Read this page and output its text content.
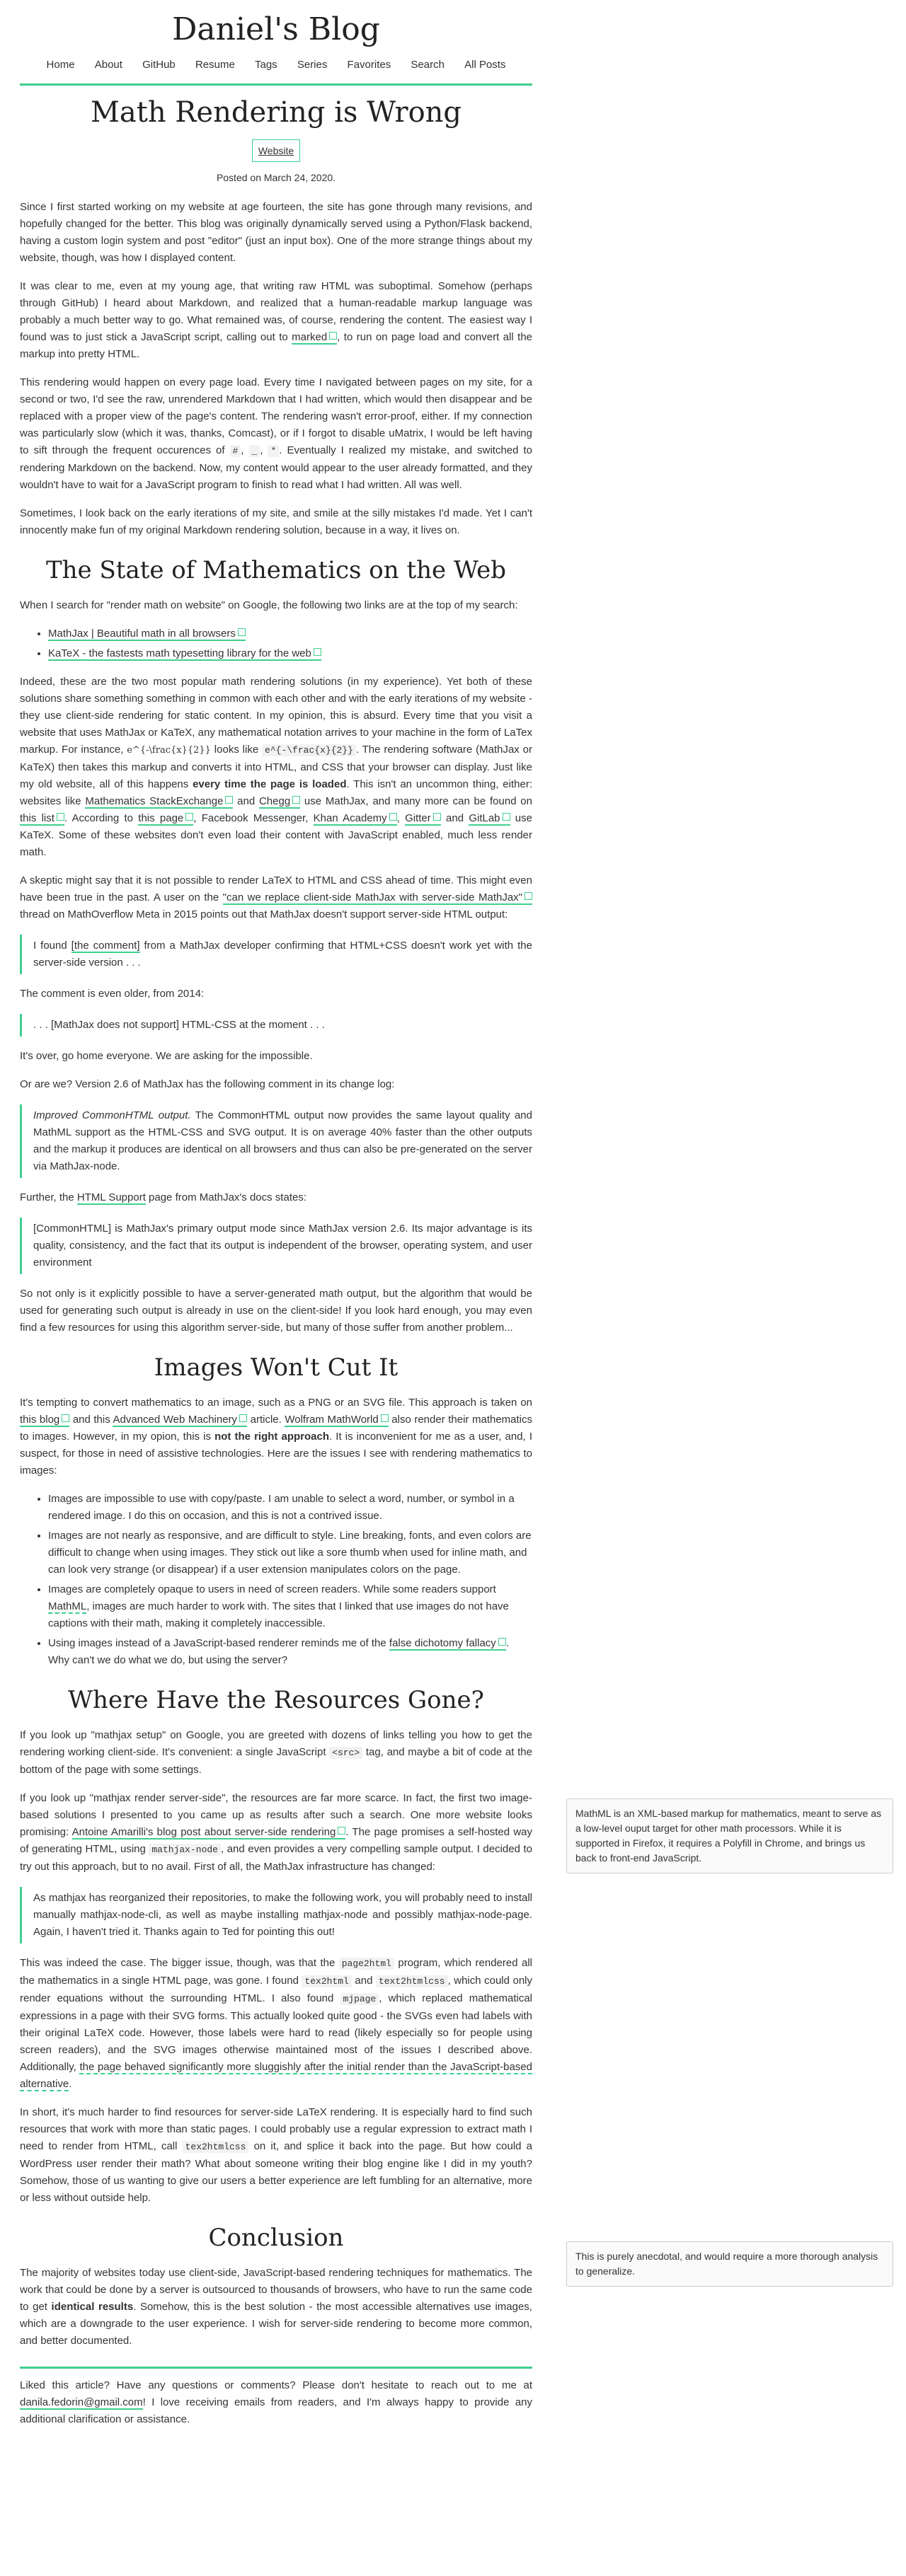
Daniel's Blog
Home About GitHub Resume Tags Series Favorites Search All Posts
Math Rendering is Wrong
Website
Posted on March 24, 2020.

Since I first started working on my website at age fourteen, the site has gone through many revisions, and hopefully changed for the better. This blog was originally dynamically served using a Python/Flask backend, having a custom login system and post "editor" (just an input box). One of the more strange things about my website, though, was how I displayed content.

It was clear to me, even at my young age, that writing raw HTML was suboptimal. Somehow (perhaps through GitHub) I heard about Markdown, and realized that a human-readable markup language was probably a much better way to go. What remained was, of course, rendering the content. The easiest way I found was to just stick a JavaScript script, calling out to marked , to run on page load and convert all the markup into pretty HTML.

This rendering would happen on every page load. Every time I navigated between pages on my site, for a second or two, I'd see the raw, unrendered Markdown that I had written, which would then disappear and be replaced with a proper view of the page's content. The rendering wasn't error-proof, either. If my connection was particularly slow (which it was, thanks, Comcast), or if I forgot to disable uMatrix, I would be left having to sift through the frequent occurences of # , _ , * . Eventually I realized my mistake, and switched to rendering Markdown on the backend. Now, my content would appear to the user already formatted, and they wouldn't have to wait for a JavaScript program to finish to read what I had written. All was well.

Sometimes, I look back on the early iterations of my site, and smile at the silly mistakes I'd made. Yet I can't innocently make fun of my original Markdown rendering solution, because in a way, it lives on.

The State of Mathematics on the Web

When I search for "render math on website" on Google, the following two links are at the top of my search:

• MathJax | Beautiful math in all browsers
• KaTeX - the fastests math typesetting library for the web

Indeed, these are the two most popular math rendering solutions (in my experience). Yet both of these solutions share something something in common with each other and with the early iterations of my website - they use client-side rendering for static content. In my opinion, this is absurd. Every time that you visit a website that uses MathJax or KaTeX, any mathematical notation arrives to your machine in the form of LaTex markup. For instance, e^{-\frac{x}{2}} looks like e^{-\frac{x}{2}} . The rendering software (MathJax or KaTeX) then takes this markup and converts it into HTML, and CSS that your browser can display. Just like my old website, all of this happens every time the page is loaded. This isn't an uncommon thing, either: websites like Mathematics StackExchange and Chegg use MathJax, and many more can be found on this list . According to this page , Facebook Messenger, Khan Academy , Gitter and GitLab use KaTeX. Some of these websites don't even load their content with JavaScript enabled, much less render math.

A skeptic might say that it is not possible to render LaTeX to HTML and CSS ahead of time. This might even have been true in the past. A user on the "can we replace client-side MathJax with server-side MathJax" thread on MathOverflow Meta in 2015 points out that MathJax doesn't support server-side HTML output:

I found [the comment] from a MathJax developer confirming that HTML+CSS doesn't work yet with the server-side version . . .

The comment is even older, from 2014:

. . . [MathJax does not support] HTML-CSS at the moment . . .

It's over, go home everyone. We are asking for the impossible.

Or are we? Version 2.6 of MathJax has the following comment in its change log:

Improved CommonHTML output. The CommonHTML output now provides the same layout quality and MathML support as the HTML-CSS and SVG output. It is on average 40% faster than the other outputs and the markup it produces are identical on all browsers and thus can also be pre-generated on the server via MathJax-node.

Further, the HTML Support page from MathJax's docs states:

[CommonHTML] is MathJax's primary output mode since MathJax version 2.6. Its major advantage is its quality, consistency, and the fact that its output is independent of the browser, operating system, and user environment

So not only is it explicitly possible to have a server-generated math output, but the algorithm that would be used for generating such output is already in use on the client-side! If you look hard enough, you may even find a few resources for using this algorithm server-side, but many of those suffer from another problem...

Images Won't Cut It

It's tempting to convert mathematics to an image, such as a PNG or an SVG file. This approach is taken on this blog and this Advanced Web Machinery article. Wolfram MathWorld also render their mathematics to images. However, in my opion, this is not the right approach. It is inconvenient for me as a user, and, I suspect, for those in need of assistive technologies. Here are the issues I see with rendering mathematics to images:

• Images are impossible to use with copy/paste. I am unable to select a word, number, or symbol in a rendered image. I do this on occasion, and this is not a contrived issue.
• Images are not nearly as responsive, and are difficult to style. Line breaking, fonts, and even colors are difficult to change when using images. They stick out like a sore thumb when used for inline math, and can look very strange (or disappear) if a user extension manipulates colors on the page.
• Images are completely opaque to users in need of screen readers. While some readers support MathML, images are much harder to work with. The sites that I linked that use images do not have captions with their math, making it completely inaccessible.
• Using images instead of a JavaScript-based renderer reminds me of the false dichotomy fallacy . Why can't we do what we do, but using the server?
Where Have the Resources Gone?

If you look up "mathjax setup" on Google, you are greeted with dozens of links telling you how to get the rendering working client-side. It's convenient: a single JavaScript <src> tag, and maybe a bit of code at the bottom of the page with some settings.

If you look up "mathjax render server-side", the resources are far more scarce. In fact, the first two image-based solutions I presented to you came up as results after such a search. One more website looks promising: Antoine Amarilli's blog post about server-side rendering . The page promises a self-hosted way of generating HTML, using mathjax-node , and even provides a very compelling sample output. I decided to try out this approach, but to no avail. First of all, the MathJax infrastructure has changed:

As mathjax has reorganized their repositories, to make the following work, you will probably need to install manually mathjax-node-cli, as well as maybe installing mathjax-node and possibly mathjax-node-page. Again, I haven't tried it. Thanks again to Ted for pointing this out!

This was indeed the case. The bigger issue, though, was that the page2html program, which rendered all the mathematics in a single HTML page, was gone. I found tex2html and text2htmlcss , which could only render equations without the surrounding HTML. I also found mjpage , which replaced mathematical expressions in a page with their SVG forms. This actually looked quite good - the SVGs even had labels with their original LaTeX code. However, those labels were hard to read (likely especially so for people using screen readers), and the SVG images otherwise maintained most of the issues I described above. Additionally, the page behaved significantly more sluggishly after the initial render than the JavaScript-based alternative.

In short, it's much harder to find resources for server-side LaTeX rendering. It is especially hard to find such resources that work with more than static pages. I could probably use a regular expression to extract math I need to render from HTML, call tex2htmlcss on it, and splice it back into the page. But how could a WordPress user render their math? What about someone writing their blog engine like I did in my youth? Somehow, those of us wanting to give our users a better experience are left fumbling for an alternative, more or less without outside help.

Conclusion

The majority of websites today use client-side, JavaScript-based rendering techniques for mathematics. The work that could be done by a server is outsourced to thousands of browsers, who have to run the same code to get identical results. Somehow, this is the best solution - the most accessible alternatives use images, which are a downgrade to the user experience. I wish for server-side rendering to become more common, and better documented.

Liked this article? Have any questions or comments? Please don't hesitate to reach out to me at danila.fedorin@gmail.com! I love receiving emails from readers, and I'm always happy to provide any additional clarification or assistance.

MathML is an XML-based markup for mathematics, meant to serve as a low-level ouput target for other math processors. While it is supported in Firefox, it requires a Polyfill in Chrome, and brings us back to front-end JavaScript.
This is purely anecdotal, and would require a more thorough analysis to generalize.
